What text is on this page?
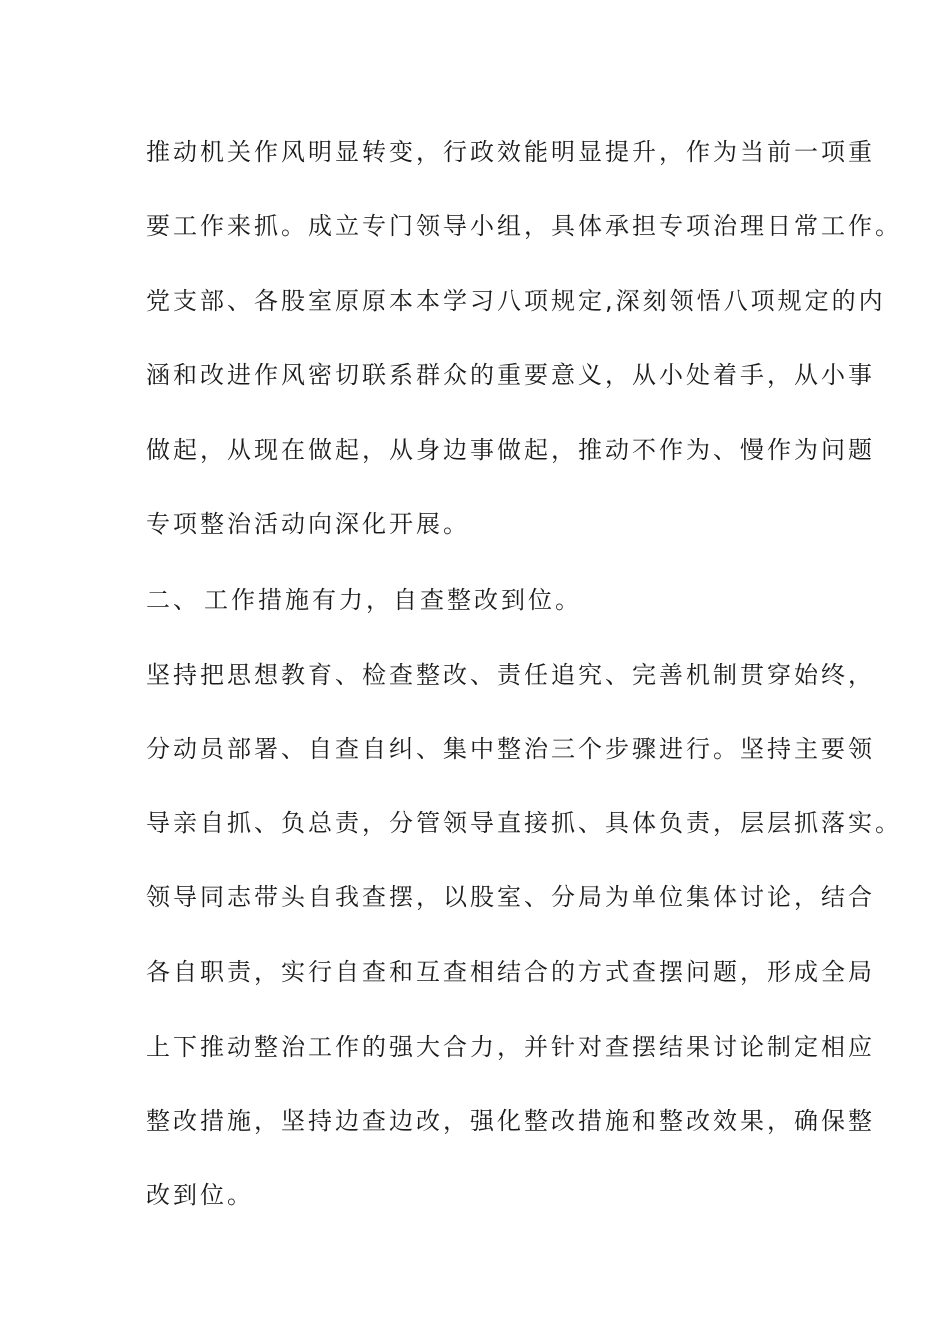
推动机关作风明显转变，行政效能明显提升，作为当前一项重
要工作来抓。成立专门领导小组，具体承担专项治理日常工作。
党支部、各股室原原本本学习八项规定,深刻领悟八项规定的内
涵和改进作风密切联系群众的重要意义，从小处着手，从小事
做起，从现在做起，从身边事做起，推动不作为、慢作为问题
专项整治活动向深化开展。
二、 工作措施有力，自查整改到位。
坚持把思想教育、检查整改、责任追究、完善机制贯穿始终，
分动员部署、自查自纠、集中整治三个步骤进行。坚持主要领
导亲自抓、负总责，分管领导直接抓、具体负责，层层抓落实。
领导同志带头自我查摆，以股室、分局为单位集体讨论，结合
各自职责，实行自查和互查相结合的方式查摆问题，形成全局
上下推动整治工作的强大合力，并针对查摆结果讨论制定相应
整改措施，坚持边查边改，强化整改措施和整改效果，确保整
改到位。
